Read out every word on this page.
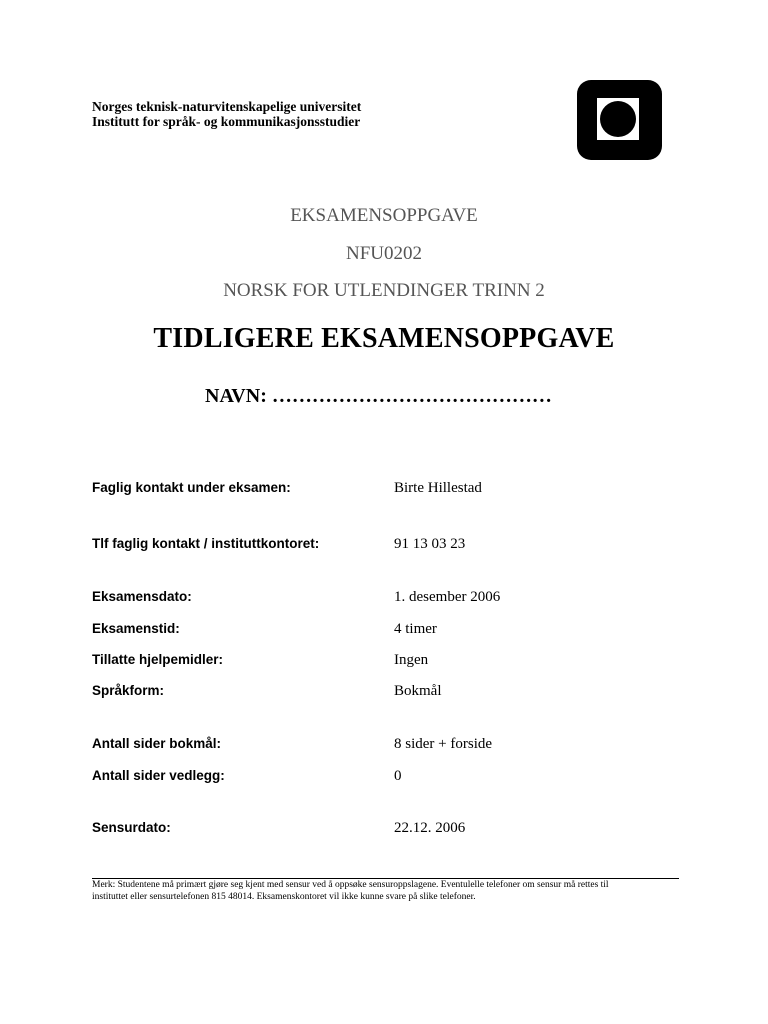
Norges teknisk-naturvitenskapelige universitet
Institutt for språk- og kommunikasjonsstudier
EKSAMENSOPPGAVE
NFU0202
NORSK FOR UTLENDINGER TRINN 2
TIDLIGERE EKSAMENSOPPGAVE
NAVN: ……………………………………
Faglig kontakt under eksamen:	Birte Hillestad
Tlf faglig kontakt / instituttkontoret:	91 13 03 23
Eksamensdato:	1. desember 2006
Eksamenstid:	4 timer
Tillatte hjelpemidler:	Ingen
Språkform:	Bokmål
Antall sider bokmål:	8 sider + forside
Antall sider vedlegg:	0
Sensurdato:	22.12. 2006
Merk: Studentene må primært gjøre seg kjent med sensur ved å oppsøke sensuroppslagene. Eventulelle telefoner om sensur må rettes til
instituttet eller sensurtelefonen 815 48014. Eksamenskontoret vil ikke kunne svare på slike telefoner.
